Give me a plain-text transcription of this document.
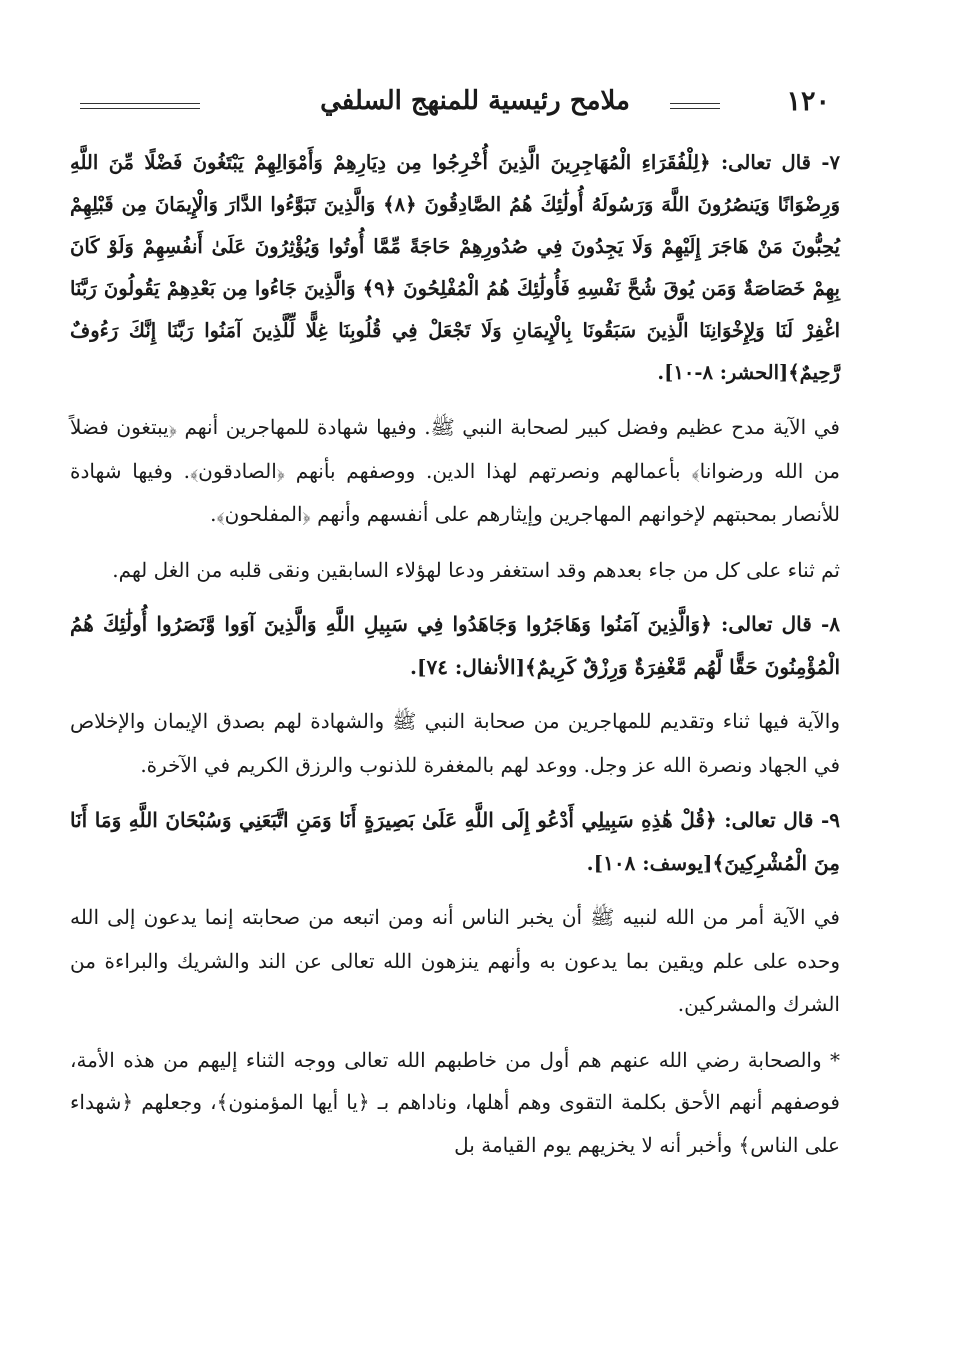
١٢٠
ملامح رئيسية للمنهج السلفي

٧- قال تعالى: ﴿لِلْفُقَرَاءِ الْمُهَاجِرِينَ الَّذِينَ أُخْرِجُوا مِن دِيَارِهِمْ وَأَمْوَالِهِمْ يَبْتَغُونَ فَضْلًا مِّنَ اللَّهِ وَرِضْوَانًا وَيَنصُرُونَ اللَّهَ وَرَسُولَهُ أُولَٰئِكَ هُمُ الصَّادِقُونَ ﴿٨﴾ وَالَّذِينَ تَبَوَّءُوا الدَّارَ وَالْإِيمَانَ مِن قَبْلِهِمْ يُحِبُّونَ مَنْ هَاجَرَ إِلَيْهِمْ وَلَا يَجِدُونَ فِي صُدُورِهِمْ حَاجَةً مِّمَّا أُوتُوا وَيُؤْثِرُونَ عَلَىٰ أَنفُسِهِمْ وَلَوْ كَانَ بِهِمْ خَصَاصَةٌ وَمَن يُوقَ شُحَّ نَفْسِهِ فَأُولَٰئِكَ هُمُ الْمُفْلِحُونَ ﴿٩﴾ وَالَّذِينَ جَاءُوا مِن بَعْدِهِمْ يَقُولُونَ رَبَّنَا اغْفِرْ لَنَا وَلِإِخْوَانِنَا الَّذِينَ سَبَقُونَا بِالْإِيمَانِ وَلَا تَجْعَلْ فِي قُلُوبِنَا غِلًّا لِّلَّذِينَ آمَنُوا رَبَّنَا إِنَّكَ رَءُوفٌ رَّحِيمٌ﴾[الحشر: ٨-١٠].

في الآية مدح عظيم وفضل كبير لصحابة النبي ﷺ. وفيها شهادة للمهاجرين أنهم ﴿يبتغون فضلاً من الله ورضوانا﴾ بأعمالهم ونصرتهم لهذا الدين. ووصفهم بأنهم ﴿الصادقون﴾. وفيها شهادة للأنصار بمحبتهم لإخوانهم المهاجرين وإيثارهم على أنفسهم وأنهم ﴿المفلحون﴾.

ثم ثناء على كل من جاء بعدهم وقد استغفر ودعا لهؤلاء السابقين ونقى قلبه من الغل لهم.

٨- قال تعالى: ﴿وَالَّذِينَ آمَنُوا وَهَاجَرُوا وَجَاهَدُوا فِي سَبِيلِ اللَّهِ وَالَّذِينَ آوَوا وَّنَصَرُوا أُولَٰئِكَ هُمُ الْمُؤْمِنُونَ حَقًّا لَّهُم مَّغْفِرَةٌ وَرِزْقٌ كَرِيمٌ﴾[الأنفال: ٧٤].

والآية فيها ثناء وتقديم للمهاجرين من صحابة النبي ﷺ والشهادة لهم بصدق الإيمان والإخلاص في الجهاد ونصرة الله عز وجل. ووعد لهم بالمغفرة للذنوب والرزق الكريم في الآخرة.

٩- قال تعالى: ﴿قُلْ هَٰذِهِ سَبِيلِي أَدْعُو إِلَى اللَّهِ عَلَىٰ بَصِيرَةٍ أَنَا وَمَنِ اتَّبَعَنِي وَسُبْحَانَ اللَّهِ وَمَا أَنَا مِنَ الْمُشْرِكِينَ﴾[يوسف: ١٠٨].

في الآية أمر من الله لنبيه ﷺ أن يخبر الناس أنه ومن اتبعه من صحابته إنما يدعون إلى الله وحده على علم ويقين بما يدعون به وأنهم ينزهون الله تعالى عن الند والشريك والبراءة من الشرك والمشركين.

* والصحابة رضي الله عنهم هم أول من خاطبهم الله تعالى ووجه الثناء إليهم من هذه الأمة، فوصفهم أنهم الأحق بكلمة التقوى وهم أهلها، وناداهم بـ ﴿يا أيها المؤمنون﴾، وجعلهم ﴿شهداء على الناس﴾ وأخبر أنه لا يخزيهم يوم القيامة بل
